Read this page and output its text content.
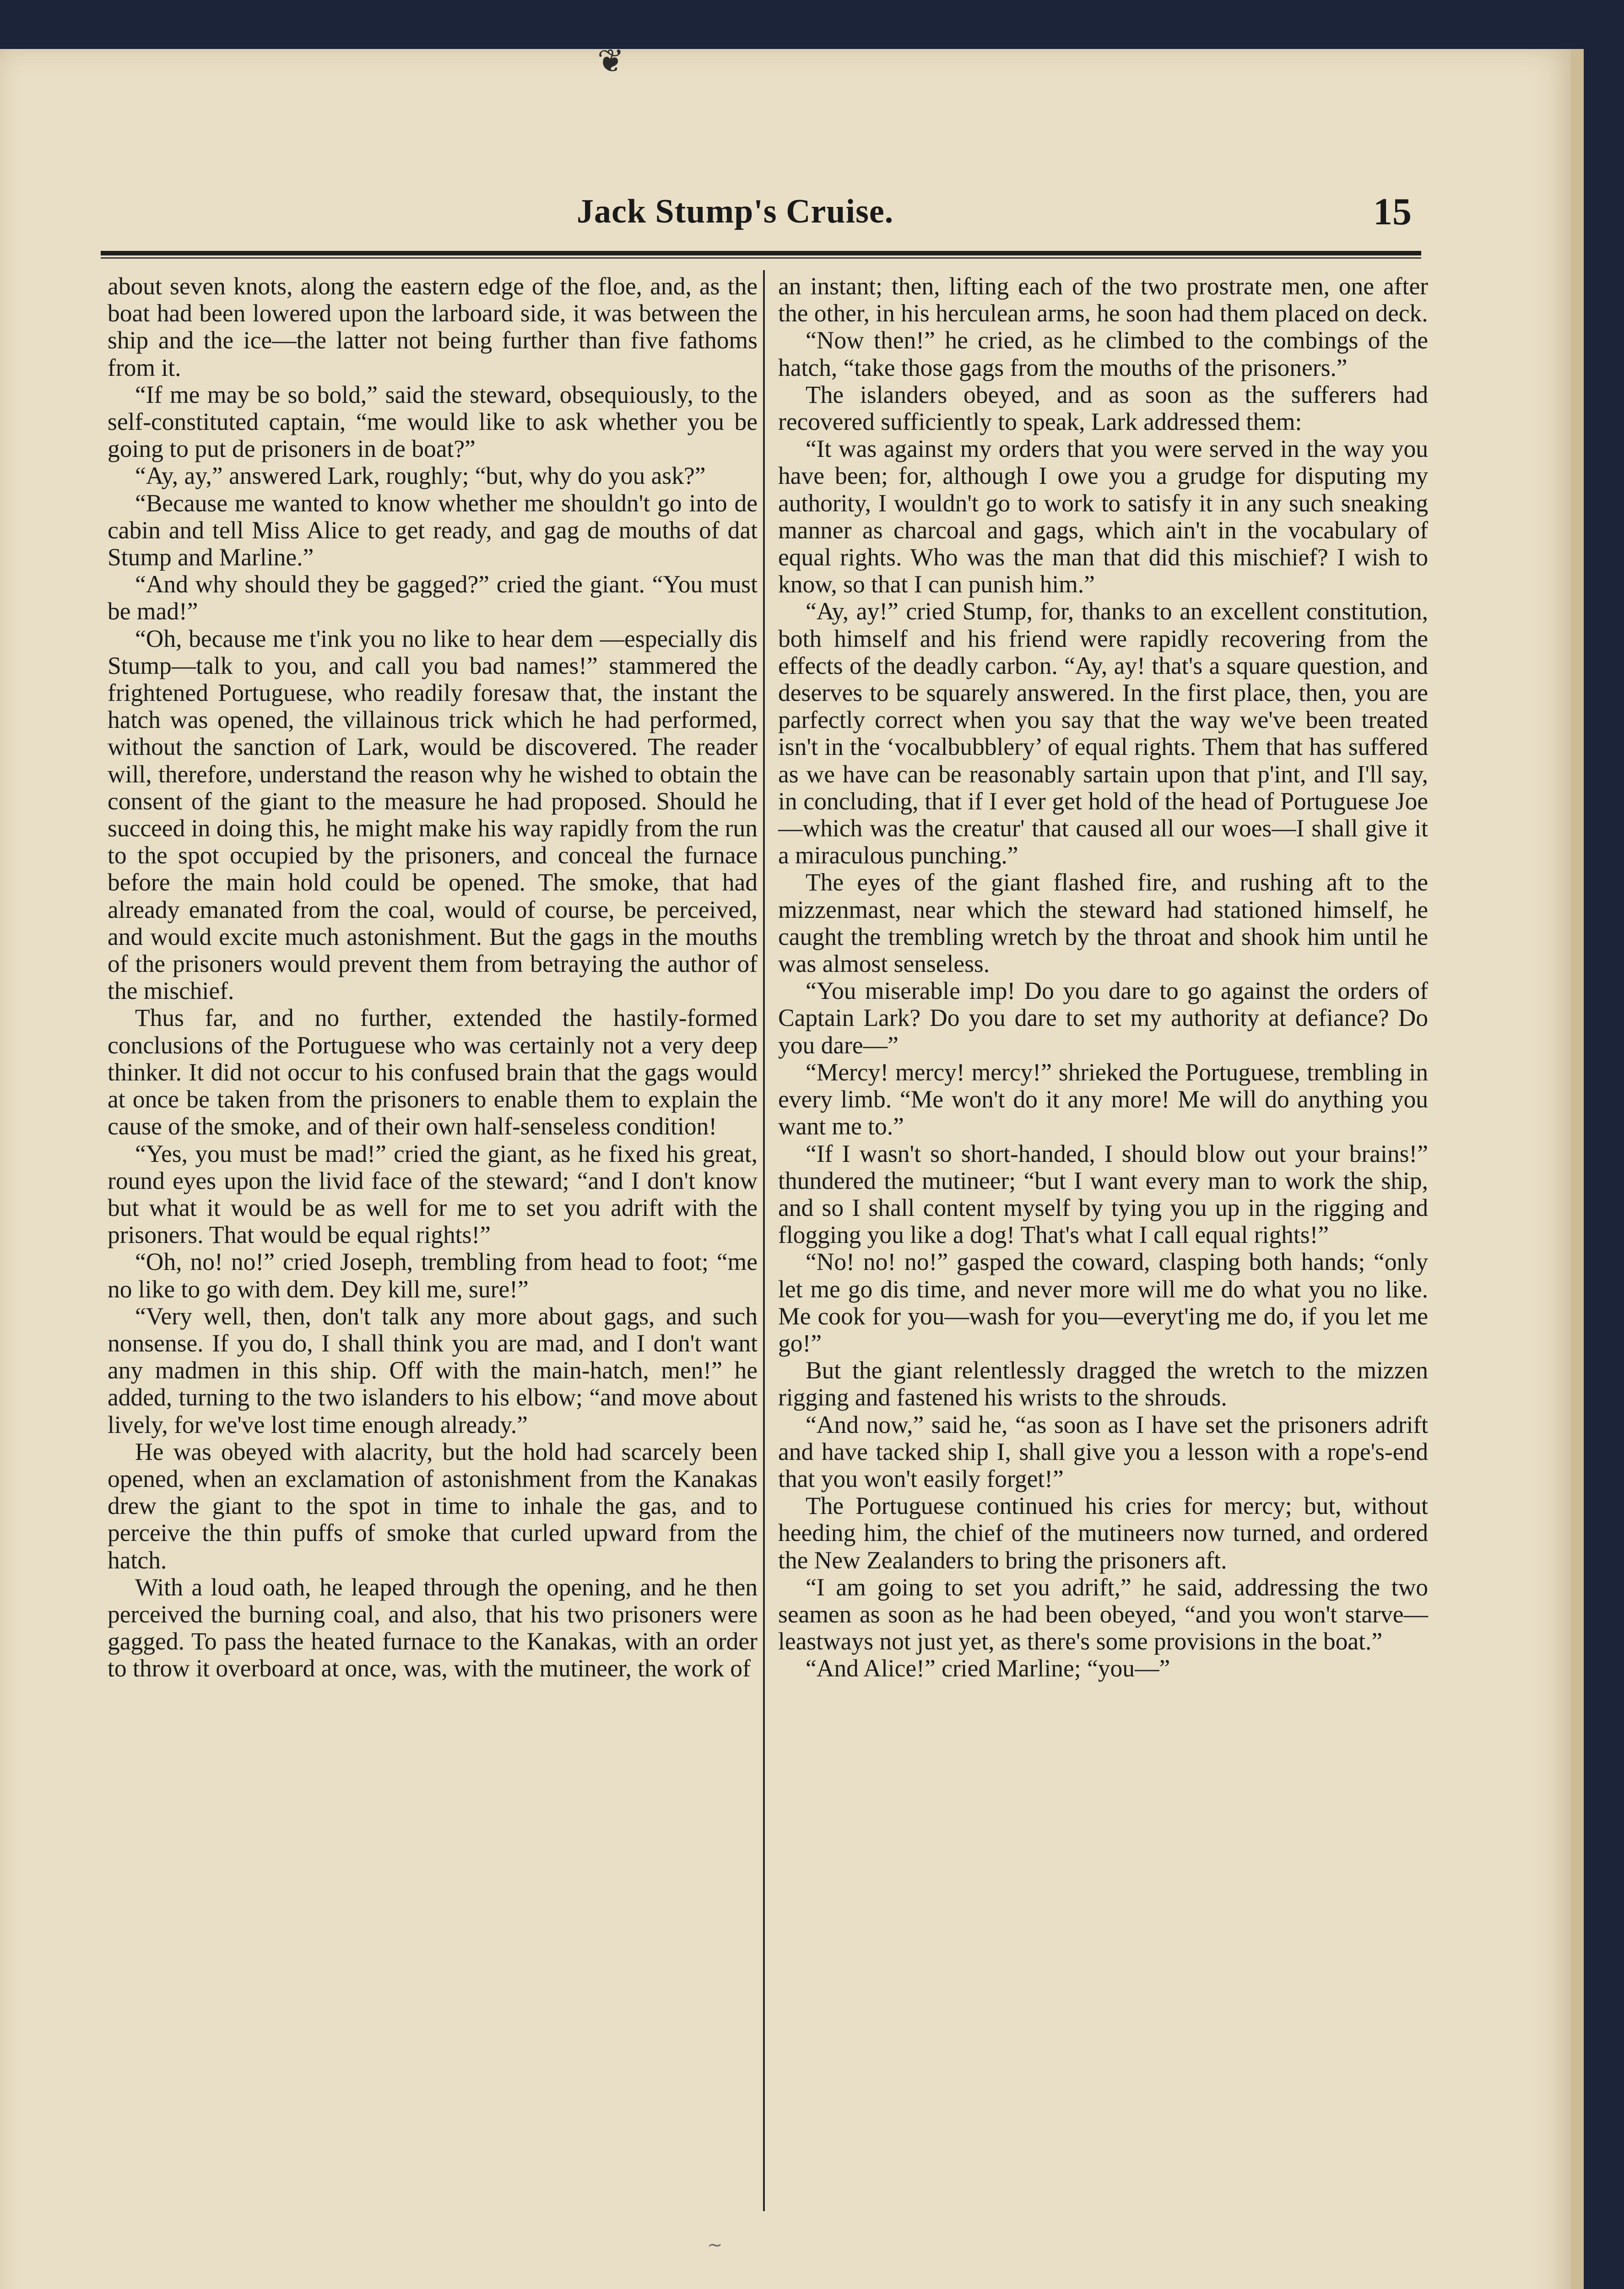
❦
Jack Stump's Cruise.	15

about seven knots, along the eastern edge of the floe, and, as the boat had been lowered upon the larboard side, it was between the ship and the ice—the latter not being further than five fathoms from it.

“If me may be so bold,” said the steward, obsequiously, to the self-constituted captain, “me would like to ask whether you be going to put de prisoners in de boat?”

“Ay, ay,” answered Lark, roughly; “but, why do you ask?”

“Because me wanted to know whether me shouldn't go into de cabin and tell Miss Alice to get ready, and gag de mouths of dat Stump and Marline.”

“And why should they be gagged?” cried the giant. “You must be mad!”

“Oh, because me t'ink you no like to hear dem —especially dis Stump—talk to you, and call you bad names!” stammered the frightened Portuguese, who readily foresaw that, the instant the hatch was opened, the villainous trick which he had performed, without the sanction of Lark, would be discovered. The reader will, therefore, understand the reason why he wished to obtain the consent of the giant to the measure he had proposed. Should he succeed in doing this, he might make his way rapidly from the run to the spot occupied by the prisoners, and conceal the furnace before the main hold could be opened. The smoke, that had already emanated from the coal, would of course, be perceived, and would excite much astonishment. But the gags in the mouths of the prisoners would prevent them from betraying the author of the mischief.

Thus far, and no further, extended the hastily-formed conclusions of the Portuguese who was certainly not a very deep thinker. It did not occur to his confused brain that the gags would at once be taken from the prisoners to enable them to explain the cause of the smoke, and of their own half-senseless condition!

“Yes, you must be mad!” cried the giant, as he fixed his great, round eyes upon the livid face of the steward; “and I don't know but what it would be as well for me to set you adrift with the prisoners. That would be equal rights!”

“Oh, no! no!” cried Joseph, trembling from head to foot; “me no like to go with dem. Dey kill me, sure!”

“Very well, then, don't talk any more about gags, and such nonsense. If you do, I shall think you are mad, and I don't want any madmen in this ship. Off with the main-hatch, men!” he added, turning to the two islanders to his elbow; “and move about lively, for we've lost time enough already.”

He was obeyed with alacrity, but the hold had scarcely been opened, when an exclamation of astonishment from the Kanakas drew the giant to the spot in time to inhale the gas, and to perceive the thin puffs of smoke that curled upward from the hatch.

With a loud oath, he leaped through the opening, and he then perceived the burning coal, and also, that his two prisoners were gagged. To pass the heated furnace to the Kanakas, with an order to throw it overboard at once, was, with the mutineer, the work of

an instant; then, lifting each of the two prostrate men, one after the other, in his herculean arms, he soon had them placed on deck.

“Now then!” he cried, as he climbed to the combings of the hatch, “take those gags from the mouths of the prisoners.”

The islanders obeyed, and as soon as the sufferers had recovered sufficiently to speak, Lark addressed them:

“It was against my orders that you were served in the way you have been; for, although I owe you a grudge for disputing my authority, I wouldn't go to work to satisfy it in any such sneaking manner as charcoal and gags, which ain't in the vocabulary of equal rights. Who was the man that did this mischief? I wish to know, so that I can punish him.”

“Ay, ay!” cried Stump, for, thanks to an excellent constitution, both himself and his friend were rapidly recovering from the effects of the deadly carbon. “Ay, ay! that's a square question, and deserves to be squarely answered. In the first place, then, you are parfectly correct when you say that the way we've been treated isn't in the ‘vocalbubblery’ of equal rights. Them that has suffered as we have can be reasonably sartain upon that p'int, and I'll say, in concluding, that if I ever get hold of the head of Portuguese Joe—which was the creatur' that caused all our woes—I shall give it a miraculous punching.”

The eyes of the giant flashed fire, and rushing aft to the mizzenmast, near which the steward had stationed himself, he caught the trembling wretch by the throat and shook him until he was almost senseless.

“You miserable imp! Do you dare to go against the orders of Captain Lark? Do you dare to set my authority at defiance? Do you dare—”

“Mercy! mercy! mercy!” shrieked the Portuguese, trembling in every limb. “Me won't do it any more! Me will do anything you want me to.”

“If I wasn't so short-handed, I should blow out your brains!” thundered the mutineer; “but I want every man to work the ship, and so I shall content myself by tying you up in the rigging and flogging you like a dog! That's what I call equal rights!”

“No! no! no!” gasped the coward, clasping both hands; “only let me go dis time, and never more will me do what you no like. Me cook for you—wash for you—everyt'ing me do, if you let me go!”

But the giant relentlessly dragged the wretch to the mizzen rigging and fastened his wrists to the shrouds.

“And now,” said he, “as soon as I have set the prisoners adrift and have tacked ship I, shall give you a lesson with a rope's-end that you won't easily forget!”

The Portuguese continued his cries for mercy; but, without heeding him, the chief of the mutineers now turned, and ordered the New Zealanders to bring the prisoners aft.

“I am going to set you adrift,” he said, addressing the two seamen as soon as he had been obeyed, “and you won't starve—leastways not just yet, as there's some provisions in the boat.”

“And Alice!” cried Marline; “you—”

∼
